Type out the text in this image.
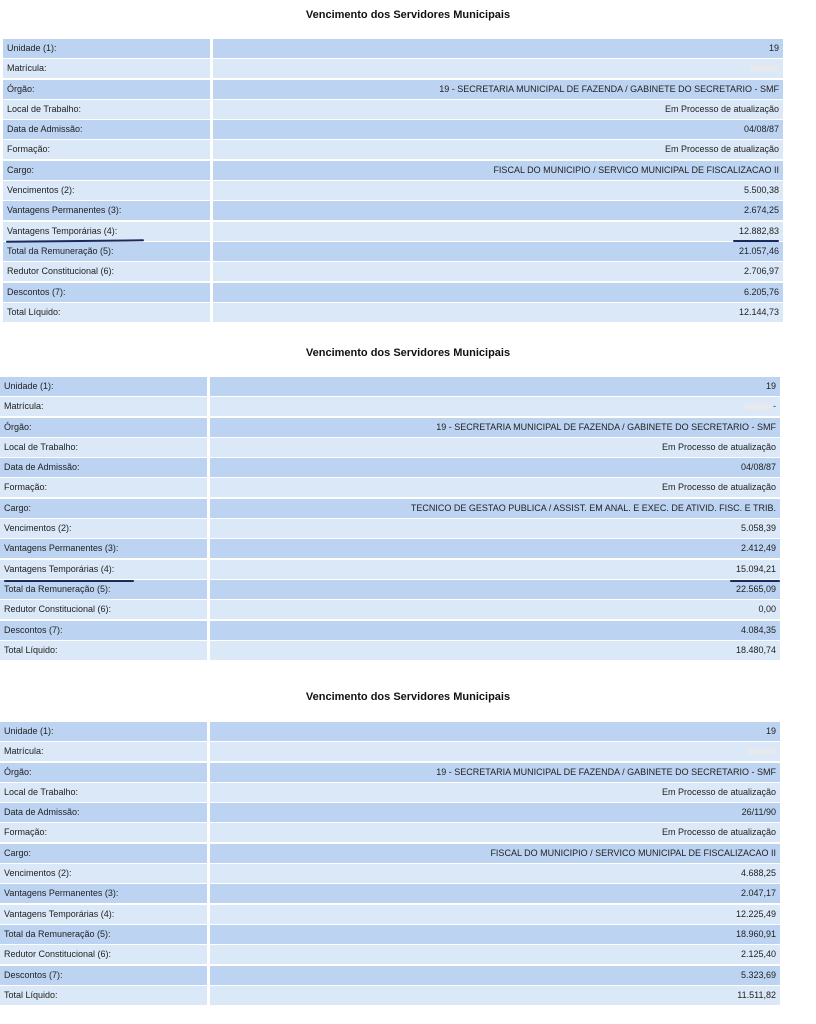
Vencimento dos Servidores Municipais
Unidade (1):	19
Matrícula:
Órgão:	19 - SECRETARIA MUNICIPAL DE FAZENDA / GABINETE DO SECRETARIO - SMF
Local de Trabalho:	Em Processo de atualização
Data de Admissão:	04/08/87
Formação:	Em Processo de atualização
Cargo:	FISCAL DO MUNICIPIO / SERVICO MUNICIPAL DE FISCALIZACAO II
Vencimentos (2):	5.500,38
Vantagens Permanentes (3):	2.674,25
Vantagens Temporárias (4):	12.882,83
Total da Remuneração (5):	21.057,46
Redutor Constitucional (6):	2.706,97
Descontos (7):	6.205,76
Total Líquido:	12.144,73
Vencimento dos Servidores Municipais
Unidade (1):	19
Matrícula:	-
Órgão:	19 - SECRETARIA MUNICIPAL DE FAZENDA / GABINETE DO SECRETARIO - SMF
Local de Trabalho:	Em Processo de atualização
Data de Admissão:	04/08/87
Formação:	Em Processo de atualização
Cargo:	TECNICO DE GESTAO PUBLICA / ASSIST. EM ANAL. E EXEC. DE ATIVID. FISC. E TRIB.
Vencimentos (2):	5.058,39
Vantagens Permanentes (3):	2.412,49
Vantagens Temporárias (4):	15.094,21
Total da Remuneração (5):	22.565,09
Redutor Constitucional (6):	0,00
Descontos (7):	4.084,35
Total Líquido:	18.480,74
Vencimento dos Servidores Municipais
Unidade (1):	19
Matrícula:
Órgão:	19 - SECRETARIA MUNICIPAL DE FAZENDA / GABINETE DO SECRETARIO - SMF
Local de Trabalho:	Em Processo de atualização
Data de Admissão:	26/11/90
Formação:	Em Processo de atualização
Cargo:	FISCAL DO MUNICIPIO / SERVICO MUNICIPAL DE FISCALIZACAO II
Vencimentos (2):	4.688,25
Vantagens Permanentes (3):	2.047,17
Vantagens Temporárias (4):	12.225,49
Total da Remuneração (5):	18.960,91
Redutor Constitucional (6):	2.125,40
Descontos (7):	5.323,69
Total Líquido:	11.511,82
